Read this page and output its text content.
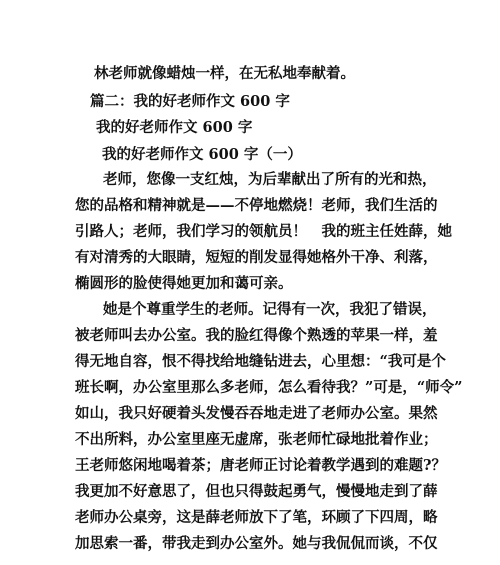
林老师就像蜡烛一样，在无私地奉献着。
篇二：我的好老师作文 600 字
我的好老师作文 600 字
我的好老师作文 600 字（一）
老师，您像一支红烛，为后辈献出了所有的光和热，
您的品格和精神就是——不停地燃烧！老师，我们生活的
引路人；老师，我们学习的领航员！　我的班主任姓薛，她
有对清秀的大眼睛，短短的削发显得她格外干净、利落，
椭圆形的脸使得她更加和蔼可亲。
她是个尊重学生的老师。记得有一次，我犯了错误，
被老师叫去办公室。我的脸红得像个熟透的苹果一样，羞
得无地自容，恨不得找给地缝钻进去，心里想：“我可是个
班长啊，办公室里那么多老师，怎么看待我？”可是，“师令”
如山，我只好硬着头发慢吞吞地走进了老师办公室。果然
不出所料，办公室里座无虚席，张老师忙碌地批着作业；
王老师悠闲地喝着茶；唐老师正讨论着教学遇到的难题?？
我更加不好意思了，但也只得鼓起勇气，慢慢地走到了薛
老师办公桌旁，这是薛老师放下了笔，环顾了下四周，略
加思索一番，带我走到办公室外。她与我侃侃而谈，不仅
